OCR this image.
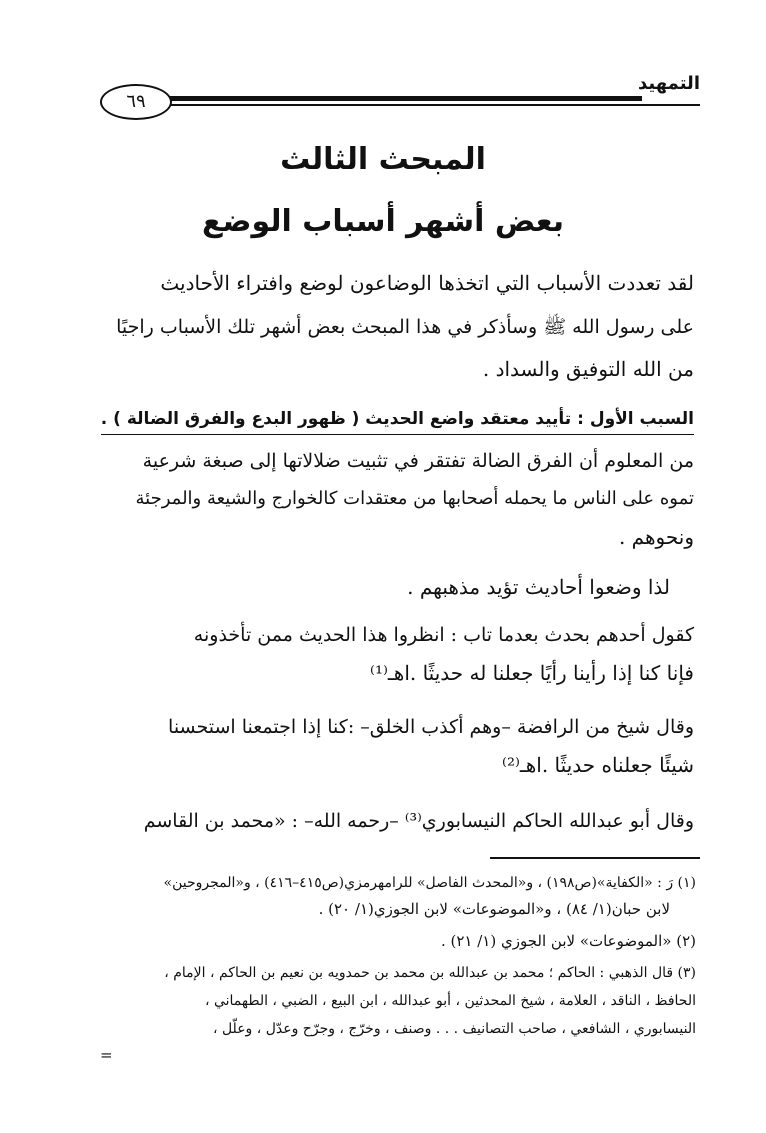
التمهيد
٦٩
المبحث الثالث
بعض أشهر أسباب الوضع
لقد تعددت الأسباب التي اتخذها الوضاعون لوضع وافتراء الأحاديث
على رسول الله ﷺ وسأذكر في هذا المبحث بعض أشهر تلك الأسباب راجيًا
من الله التوفيق والسداد .
السبب الأول : تأييد معتقد واضع الحديث ( ظهور البدع والفرق الضالة ) .
من المعلوم أن الفرق الضالة تفتقر في تثبيت ضلالاتها إلى صبغة شرعية
تموه على الناس ما يحمله أصحابها من معتقدات كالخوارج والشيعة والمرجئة
ونحوهم .
لذا وضعوا أحاديث تؤيد مذهبهم .
كقول أحدهم بحدث بعدما تاب : انظروا هذا الحديث ممن تأخذونه
فإنا كنا إذا رأينا رأيًا جعلنا له حديثًا .اهـ⁽¹⁾
وقال شيخ من الرافضة –وهم أكذب الخلق– :كنا إذا اجتمعنا استحسنا
شيئًا جعلناه حديثًا .اهـ⁽²⁾
وقال أبو عبدالله الحاكم النيسابوري⁽³⁾ –رحمه الله– : «محمد بن القاسم
(١) رَ : «الكفاية»(ص١٩٨) ، و«المحدث الفاصل» للرامهرمزي(ص٤١٥–٤١٦) ، و«المجروحين»
لابن حبان(١/ ٨٤) ، و«الموضوعات» لابن الجوزي(١/ ٢٠) .
(٢) «الموضوعات» لابن الجوزي (١/ ٢١) .
(٣) قال الذهبي : الحاكم ؛ محمد بن عبدالله بن محمد بن حمدويه بن نعيم بن الحاكم ، الإمام ،
الحافظ ، الناقد ، العلامة ، شيخ المحدثين ، أبو عبدالله ، ابن البيع ، الضبي ، الطهماني ،
النيسابوري ، الشافعي ، صاحب التصانيف . . . وصنف ، وخرّج ، وجرّح وعدّل ، وعلّل ،
=
